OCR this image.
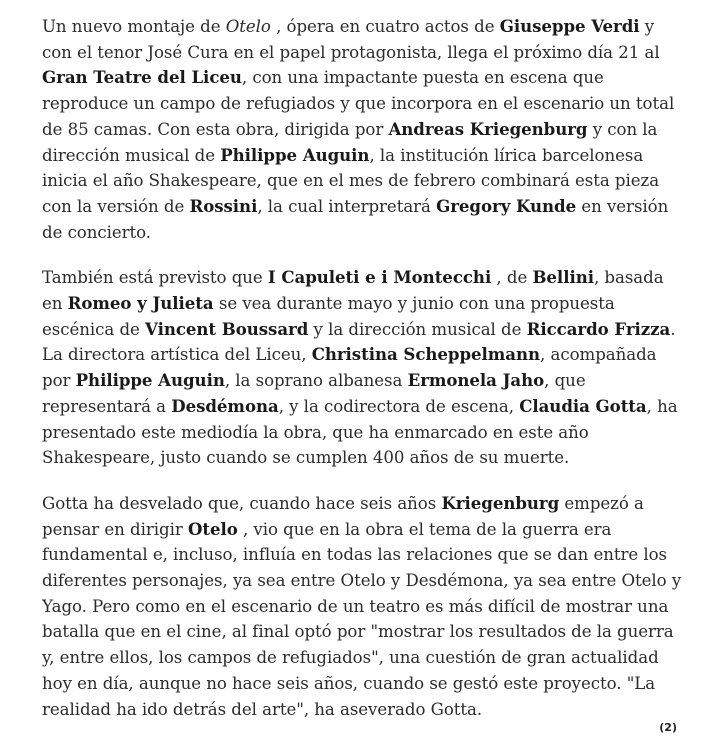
Un nuevo montaje de Otelo , ópera en cuatro actos de Giuseppe Verdi y con el tenor José Cura en el papel protagonista, llega el próximo día 21 al Gran Teatre del Liceu, con una impactante puesta en escena que reproduce un campo de refugiados y que incorpora en el escenario un total de 85 camas. Con esta obra, dirigida por Andreas Kriegenburg y con la dirección musical de Philippe Auguin, la institución lírica barcelonesa inicia el año Shakespeare, que en el mes de febrero combinará esta pieza con la versión de Rossini, la cual interpretará Gregory Kunde en versión de concierto.

También está previsto que I Capuleti e i Montecchi , de Bellini, basada en Romeo y Julieta se vea durante mayo y junio con una propuesta escénica de Vincent Boussard y la dirección musical de Riccardo Frizza. La directora artística del Liceu, Christina Scheppelmann, acompañada por Philippe Auguin, la soprano albanesa Ermonela Jaho, que representará a Desdémona, y la codirectora de escena, Claudia Gotta, ha presentado este mediodía la obra, que ha enmarcado en este año Shakespeare, justo cuando se cumplen 400 años de su muerte.

Gotta ha desvelado que, cuando hace seis años Kriegenburg empezó a pensar en dirigir Otelo , vio que en la obra el tema de la guerra era fundamental e, incluso, influía en todas las relaciones que se dan entre los diferentes personajes, ya sea entre Otelo y Desdémona, ya sea entre Otelo y Yago. Pero como en el escenario de un teatro es más difícil de mostrar una batalla que en el cine, al final optó por "mostrar los resultados de la guerra y, entre ellos, los campos de refugiados", una cuestión de gran actualidad hoy en día, aunque no hace seis años, cuando se gestó este proyecto. "La realidad ha ido detrás del arte", ha aseverado Gotta.

(2)
